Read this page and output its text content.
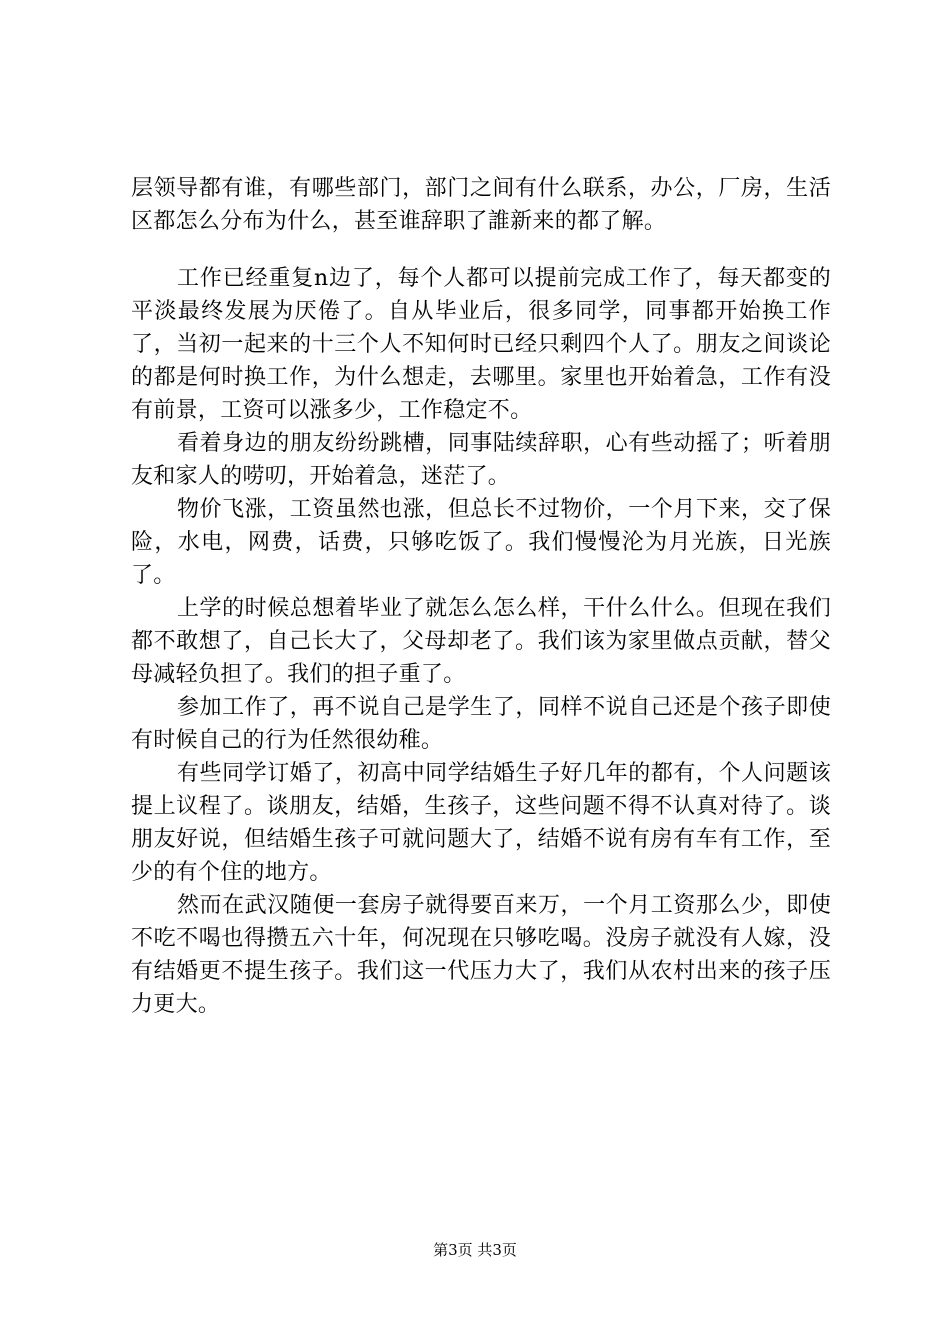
层领导都有谁，有哪些部门，部门之间有什么联系，办公，厂房，生活区都怎么分布为什么，甚至谁辞职了誰新来的都了解。

工作已经重复n边了，每个人都可以提前完成工作了，每天都变的平淡最终发展为厌倦了。自从毕业后，很多同学，同事都开始换工作了，当初一起来的十三个人不知何时已经只剩四个人了。朋友之间谈论的都是何时换工作，为什么想走，去哪里。家里也开始着急，工作有没有前景，工资可以涨多少，工作稳定不。

看着身边的朋友纷纷跳槽，同事陆续辞职，心有些动摇了；听着朋友和家人的唠叨，开始着急，迷茫了。

物价飞涨，工资虽然也涨，但总长不过物价，一个月下来，交了保险，水电，网费，话费，只够吃饭了。我们慢慢沦为月光族，日光族了。

上学的时候总想着毕业了就怎么怎么样，干什么什么。但现在我们都不敢想了，自己长大了，父母却老了。我们该为家里做点贡献，替父母减轻负担了。我们的担子重了。

参加工作了，再不说自己是学生了，同样不说自己还是个孩子即使有时候自己的行为任然很幼稚。

有些同学订婚了，初高中同学结婚生子好几年的都有，个人问题该提上议程了。谈朋友，结婚，生孩子，这些问题不得不认真对待了。谈朋友好说，但结婚生孩子可就问题大了，结婚不说有房有车有工作，至少的有个住的地方。

然而在武汉随便一套房子就得要百来万，一个月工资那么少，即使不吃不喝也得攒五六十年，何况现在只够吃喝。没房子就没有人嫁，没有结婚更不提生孩子。我们这一代压力大了，我们从农村出来的孩子压力更大。

第3页 共3页
